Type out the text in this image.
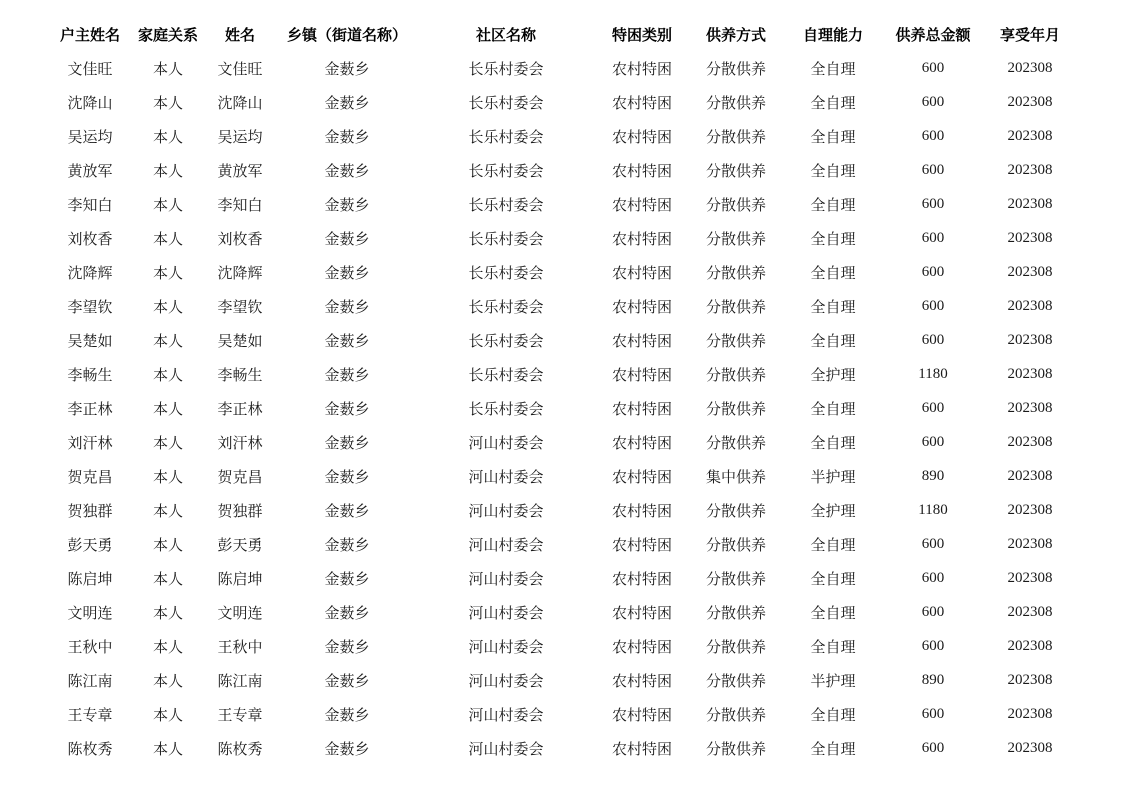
户主姓名	家庭关系	姓名	乡镇（街道名称）	社区名称	特困类别	供养方式	自理能力	供养总金额	享受年月
文佳旺	本人	文佳旺	金薮乡	长乐村委会	农村特困	分散供养	全自理	600	202308
沈降山	本人	沈降山	金薮乡	长乐村委会	农村特困	分散供养	全自理	600	202308
吴运均	本人	吴运均	金薮乡	长乐村委会	农村特困	分散供养	全自理	600	202308
黄放军	本人	黄放军	金薮乡	长乐村委会	农村特困	分散供养	全自理	600	202308
李知白	本人	李知白	金薮乡	长乐村委会	农村特困	分散供养	全自理	600	202308
刘枚香	本人	刘枚香	金薮乡	长乐村委会	农村特困	分散供养	全自理	600	202308
沈降辉	本人	沈降辉	金薮乡	长乐村委会	农村特困	分散供养	全自理	600	202308
李望钦	本人	李望钦	金薮乡	长乐村委会	农村特困	分散供养	全自理	600	202308
吴楚如	本人	吴楚如	金薮乡	长乐村委会	农村特困	分散供养	全自理	600	202308
李畅生	本人	李畅生	金薮乡	长乐村委会	农村特困	分散供养	全护理	1180	202308
李正林	本人	李正林	金薮乡	长乐村委会	农村特困	分散供养	全自理	600	202308
刘汗林	本人	刘汗林	金薮乡	河山村委会	农村特困	分散供养	全自理	600	202308
贺克昌	本人	贺克昌	金薮乡	河山村委会	农村特困	集中供养	半护理	890	202308
贺独群	本人	贺独群	金薮乡	河山村委会	农村特困	分散供养	全护理	1180	202308
彭天勇	本人	彭天勇	金薮乡	河山村委会	农村特困	分散供养	全自理	600	202308
陈启坤	本人	陈启坤	金薮乡	河山村委会	农村特困	分散供养	全自理	600	202308
文明连	本人	文明连	金薮乡	河山村委会	农村特困	分散供养	全自理	600	202308
王秋中	本人	王秋中	金薮乡	河山村委会	农村特困	分散供养	全自理	600	202308
陈江南	本人	陈江南	金薮乡	河山村委会	农村特困	分散供养	半护理	890	202308
王专章	本人	王专章	金薮乡	河山村委会	农村特困	分散供养	全自理	600	202308
陈枚秀	本人	陈枚秀	金薮乡	河山村委会	农村特困	分散供养	全自理	600	202308
